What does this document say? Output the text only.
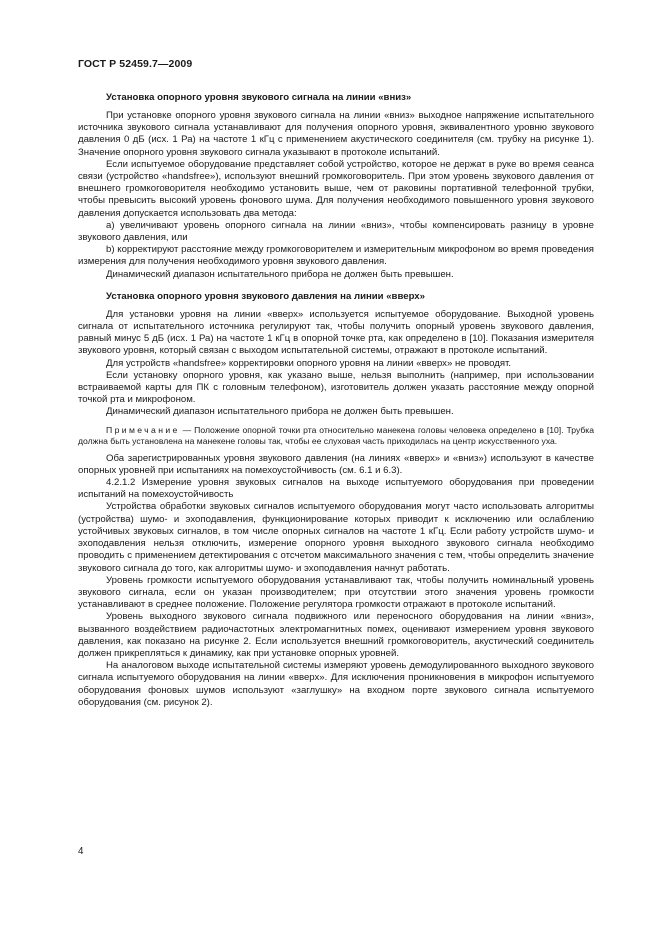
ГОСТ Р 52459.7—2009
Установка опорного уровня звукового сигнала на линии «вниз»

При установке опорного уровня звукового сигнала на линии «вниз» выходное напряжение испытательного источника звукового сигнала устанавливают для получения опорного уровня, эквивалентного уровню звукового давления 0 дБ (исх. 1 Ра) на частоте 1 кГц с применением акустического соединителя (см. трубку на рисунке 1). Значение опорного уровня звукового сигнала указывают в протоколе испытаний.

Если испытуемое оборудование представляет собой устройство, которое не держат в руке во время сеанса связи (устройство «handsfree»), используют внешний громкоговоритель. При этом уровень звукового давления от внешнего громкоговорителя необходимо установить выше, чем от раковины портативной телефонной трубки, чтобы превысить высокий уровень фонового шума. Для получения необходимого повышенного уровня звукового давления допускается использовать два метода:

a) увеличивают уровень опорного сигнала на линии «вниз», чтобы компенсировать разницу в уровне звукового давления, или

b) корректируют расстояние между громкоговорителем и измерительным микрофоном во время проведения измерения для получения необходимого уровня звукового давления.

Динамический диапазон испытательного прибора не должен быть превышен.

Установка опорного уровня звукового давления на линии «вверх»

Для установки уровня на линии «вверх» используется испытуемое оборудование. Выходной уровень сигнала от испытательного источника регулируют так, чтобы получить опорный уровень звукового давления, равный минус 5 дБ (исх. 1 Ра) на частоте 1 кГц в опорной точке рта, как определено в [10]. Показания измерителя звукового уровня, который связан с выходом испытательной системы, отражают в протоколе испытаний.

Для устройств «handsfree» корректировки опорного уровня на линии «вверх» не проводят.

Если установку опорного уровня, как указано выше, нельзя выполнить (например, при использовании встраиваемой карты для ПК с головным телефоном), изготовитель должен указать расстояние между опорной точкой рта и микрофоном.

Динамический диапазон испытательного прибора не должен быть превышен.

Примечание — Положение опорной точки рта относительно манекена головы человека определено в [10]. Трубка должна быть установлена на манекене головы так, чтобы ее слуховая часть приходилась на центр искусственного уха.

Оба зарегистрированных уровня звукового давления (на линиях «вверх» и «вниз») используют в качестве опорных уровней при испытаниях на помехоустойчивость (см. 6.1 и 6.3).

4.2.1.2 Измерение уровня звуковых сигналов на выходе испытуемого оборудования при проведении испытаний на помехоустойчивость

Устройства обработки звуковых сигналов испытуемого оборудования могут часто использовать алгоритмы (устройства) шумо- и эхоподавления, функционирование которых приводит к исключению или ослаблению устойчивых звуковых сигналов, в том числе опорных сигналов на частоте 1 кГц. Если работу устройств шумо- и эхоподавления нельзя отключить, измерение опорного уровня выходного звукового сигнала необходимо проводить с применением детектирования с отсчетом максимального значения с тем, чтобы определить значение звукового сигнала до того, как алгоритмы шумо- и эхоподавления начнут работать.

Уровень громкости испытуемого оборудования устанавливают так, чтобы получить номинальный уровень звукового сигнала, если он указан производителем; при отсутствии этого значения уровень громкости устанавливают в среднее положение. Положение регулятора громкости отражают в протоколе испытаний.

Уровень выходного звукового сигнала подвижного или переносного оборудования на линии «вниз», вызванного воздействием радиочастотных электромагнитных помех, оценивают измерением уровня звукового давления, как показано на рисунке 2. Если используется внешний громкоговоритель, акустический соединитель должен прикрепляться к динамику, как при установке опорных уровней.

На аналоговом выходе испытательной системы измеряют уровень демодулированного выходного звукового сигнала испытуемого оборудования на линии «вверх». Для исключения проникновения в микрофон испытуемого оборудования фоновых шумов используют «заглушку» на входном порте звукового сигнала испытуемого оборудования (см. рисунок 2).

4
